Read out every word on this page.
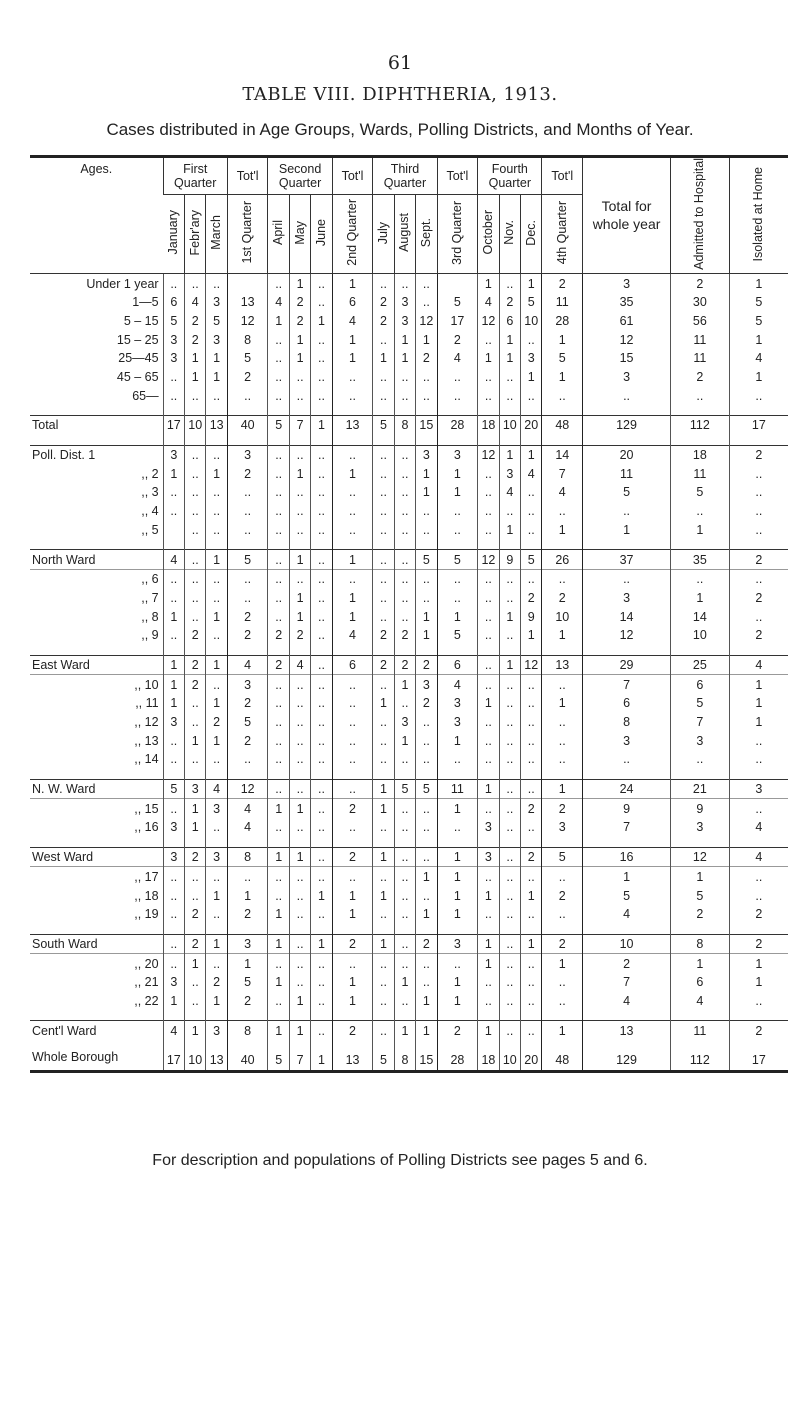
61
TABLE VIII. DIPHTHERIA, 1913.
Cases distributed in Age Groups, Wards, Polling Districts, and Months of Year.
Ages.	First Quarter			Tot'l	Second Quarter			Tot'l	Third Quarter			Tot'l	Fourth Quarter			Tot'l	Total for whole year	Admitted to Hospital	Isolated at Home
	January	Febr'ary	March	1st Quarter	April	May	June	2nd Quarter	July	August	Sept.	3rd Quarter	October	Nov.	Dec.	4th Quarter			
Under 1 year	..	..	..		..	1	..	1	..	..	..		1	..	1	2	3	2	1
1—5	6	4	3	13	4	2	..	6	2	3	..	5	4	2	5	11	35	30	5
5 – 15	5	2	5	12	1	2	1	4	2	3	12	17	12	6	10	28	61	56	5
15 – 25	3	2	3	8	..	1	..	1	..	1	1	2	..	1	..	1	12	11	1
25—45	3	1	1	5	..	1	..	1	1	1	2	4	1	1	3	5	15	11	4
45 – 65	..	1	1	2	..	..	..	..	..	..	..	..	..	..	1	1	3	2	1
65—	..	..	..	..	..	..	..	..	..	..	..	..	..	..	..	..	..	..	..

Total	17	10	13	40	5	7	1	13	5	8	15	28	18	10	20	48	129	112	17

Poll. Dist. 1	3	..	..	3	..	..	..	..	..	..	3	3	12	1	1	14	20	18	2
,, 2	1	..	1	2	..	1	..	1	..	..	1	1	..	3	4	7	11	11	..
,, 3	..	..	..	..	..	..	..	..	..	..	1	1	..	4	..	4	5	5	..
,, 4	..	..	..	..	..	..	..	..	..	..	..	..	..	..	..	..	..	..	..
,, 5		..	..	..	..	..	..	..	..	..	..	..	..	1	..	1	1	1	..

North Ward	4	..	1	5	..	1	..	1	..	..	5	5	12	9	5	26	37	35	2
,, 6	..	..	..	..	..	..	..	..	..	..	..	..	..	..	..	..	..	..	..
,, 7	..	..	..	..	..	1	..	1	..	..	..	..	..	..	2	2	3	1	2
,, 8	1	..	1	2	..	1	..	1	..	..	1	1	..	1	9	10	14	14	..
,, 9	..	2	..	2	2	2	..	4	2	2	1	5	..	..	1	1	12	10	2

East Ward	1	2	1	4	2	4	..	6	2	2	2	6	..	1	12	13	29	25	4
,, 10	1	2	..	3	..	..	..	..	..	1	3	4	..	..	..	..	7	6	1
,, 11	1	..	1	2	..	..	..	..	1	..	2	3	1	..	..	1	6	5	1
,, 12	3	..	2	5	..	..	..	..	..	3	..	3	..	..	..	..	8	7	1
,, 13	..	1	1	2	..	..	..	..	..	1	..	1	..	..	..	..	3	3	..
,, 14	..	..	..	..	..	..	..	..	..	..	..	..	..	..	..	..	..	..	..

N. W. Ward	5	3	4	12	..	..	..	..	1	5	5	11	1	..	..	1	24	21	3
,, 15	..	1	3	4	1	1	..	2	1	..	..	1	..	..	2	2	9	9	..
,, 16	3	1	..	4	..	..	..	..	..	..	..	..	3	..	..	3	7	3	4

West Ward	3	2	3	8	1	1	..	2	1	..	..	1	3	..	2	5	16	12	4
,, 17	..	..	..	..	..	..	..	..	..	..	1	1	..	..	..	..	1	1	..
,, 18	..	..	1	1	..	..	1	1	1	..	..	1	1	..	1	2	5	5	..
,, 19	..	2	..	2	1	..	..	1	..	..	1	1	..	..	..	..	4	2	2

South Ward	..	2	1	3	1	..	1	2	1	..	2	3	1	..	1	2	10	8	2
,, 20	..	1	..	1	..	..	..	..	..	..	..	..	1	..	..	1	2	1	1
,, 21	3	..	2	5	1	..	..	1	..	1	..	1	..	..	..	..	7	6	1
,, 22	1	..	1	2	..	1	..	1	..	..	1	1	..	..	..	..	4	4	..

Cent'l Ward	4	1	3	8	1	1	..	2	..	1	1	2	1	..	..	1	13	11	2

Whole Borough	17	10	13	40	5	7	1	13	5	8	15	28	18	10	20	48	129	112	17
For description and populations of Polling Districts see pages 5 and 6.
